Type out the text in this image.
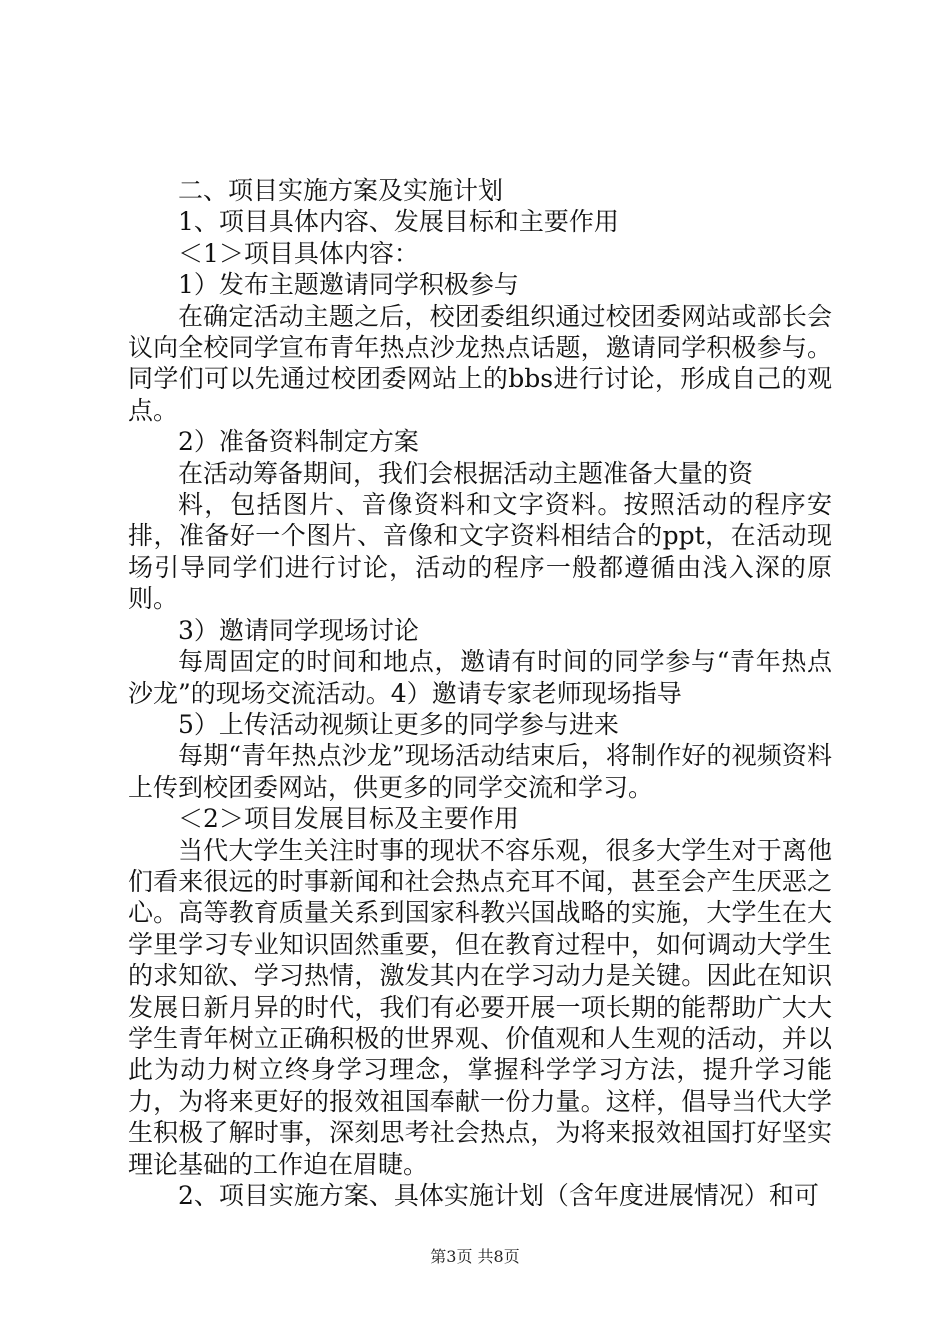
二、项目实施方案及实施计划

1、项目具体内容、发展目标和主要作用

＜1＞项目具体内容：

1）发布主题邀请同学积极参与

在确定活动主题之后，校团委组织通过校团委网站或部长会议向全校同学宣布青年热点沙龙热点话题，邀请同学积极参与。同学们可以先通过校团委网站上的bbs进行讨论，形成自己的观点。

2）准备资料制定方案

在活动筹备期间，我们会根据活动主题准备大量的资

料，包括图片、音像资料和文字资料。按照活动的程序安排，准备好一个图片、音像和文字资料相结合的ppt，在活动现场引导同学们进行讨论，活动的程序一般都遵循由浅入深的原则。

3）邀请同学现场讨论

每周固定的时间和地点，邀请有时间的同学参与“青年热点沙龙”的现场交流活动。4）邀请专家老师现场指导

5）上传活动视频让更多的同学参与进来

每期“青年热点沙龙”现场活动结束后，将制作好的视频资料上传到校团委网站，供更多的同学交流和学习。

＜2＞项目发展目标及主要作用

当代大学生关注时事的现状不容乐观，很多大学生对于离他们看来很远的时事新闻和社会热点充耳不闻，甚至会产生厌恶之心。高等教育质量关系到国家科教兴国战略的实施，大学生在大学里学习专业知识固然重要，但在教育过程中，如何调动大学生的求知欲、学习热情，激发其内在学习动力是关键。因此在知识发展日新月异的时代，我们有必要开展一项长期的能帮助广大大学生青年树立正确积极的世界观、价值观和人生观的活动，并以此为动力树立终身学习理念，掌握科学学习方法，提升学习能力，为将来更好的报效祖国奉献一份力量。这样，倡导当代大学生积极了解时事，深刻思考社会热点，为将来报效祖国打好坚实理论基础的工作迫在眉睫。

2、项目实施方案、具体实施计划（含年度进展情况）和可

第3页 共8页
